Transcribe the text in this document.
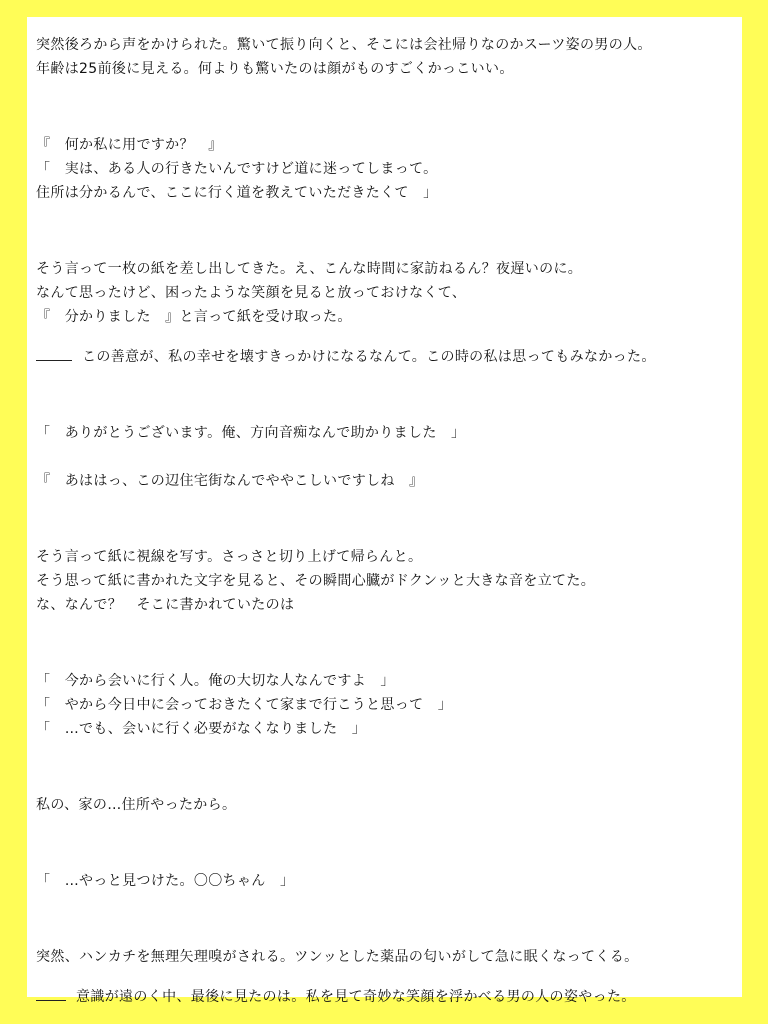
突然後ろから声をかけられた。驚いて振り向くと、そこには会社帰りなのかスーツ姿の男の人。
年齢は25前後に見える。何よりも驚いたのは顔がものすごくかっこいい。
『　何か私に用ですか？　』
「　実は、ある人の行きたいんですけど道に迷ってしまって。
住所は分かるんで、ここに行く道を教えていただきたくて　」
そう言って一枚の紙を差し出してきた。え、こんな時間に家訪ねるん？夜遅いのに。
なんて思ったけど、困ったような笑顔を見ると放っておけなくて、
『　分かりました　』と言って紙を受け取った。
この善意が、私の幸せを壊すきっかけになるなんて。この時の私は思ってもみなかった。
「　ありがとうございます。俺、方向音痴なんで助かりました　」
『　あははっ、この辺住宅街なんでややこしいですしね　』
そう言って紙に視線を写す。さっさと切り上げて帰らんと。
そう思って紙に書かれた文字を見ると、その瞬間心臓がドクンッと大きな音を立てた。
な、なんで？　そこに書かれていたのは
「　今から会いに行く人。俺の大切な人なんですよ　」
「　やから今日中に会っておきたくて家まで行こうと思って　」
「　…でも、会いに行く必要がなくなりました　」
私の、家の…住所やったから。
「　…やっと見つけた。〇〇ちゃん　」
突然、ハンカチを無理矢理嗅がされる。ツンッとした薬品の匂いがして急に眠くなってくる。
意識が遠のく中、最後に見たのは。私を見て奇妙な笑顔を浮かべる男の人の姿やった。
